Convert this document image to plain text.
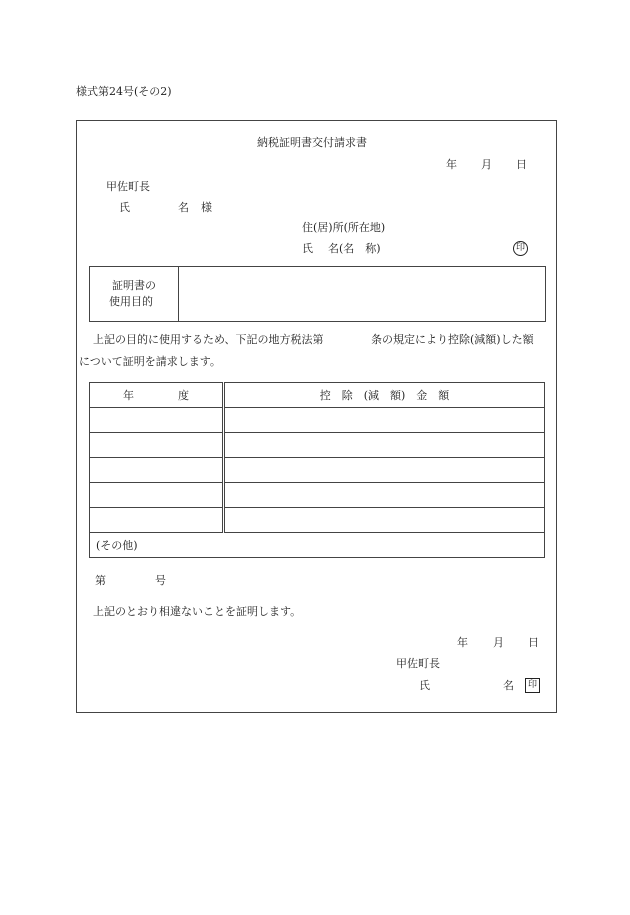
様式第24号(その2)
納税証明書交付請求書
年 月 日
甲佐町長
氏	名 様
住(居)所(所在地)
氏 名(名　称)	印
証明書の
使用目的
上記の目的に使用するため、下記の地方税法第	条の規定により控除(減額)した額
について証明を請求します。
年　　　　度	控　除　(減　額)　金　額

(その他)	
第	号
上記のとおり相違ないことを証明します。
年 月 日
甲佐町長
氏	名	印
